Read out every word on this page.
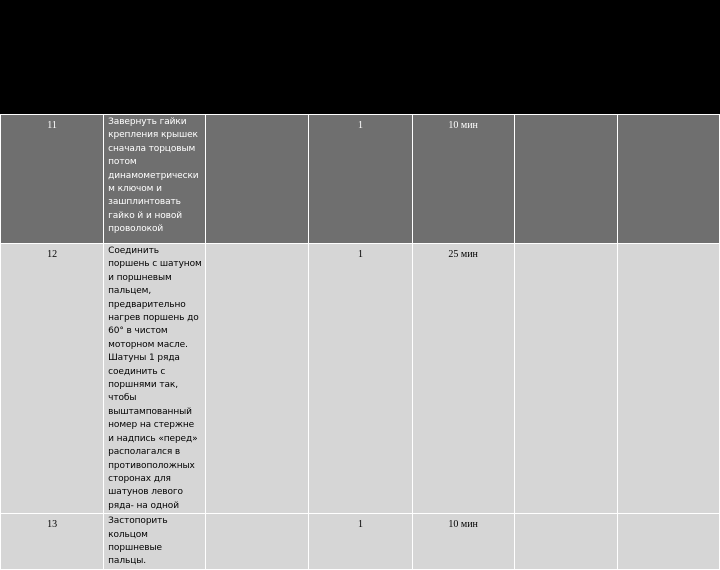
11	Завернуть гайки крепления крышек сначала торцовым потом динамометрически м ключом и зашплинтовать гайко й и новой проволокой		1	10 мин		

12	Соединить поршень с шатуном и поршневым пальцем, предварительно нагрев поршень до 60° в чистом моторном масле. Шатуны 1 ряда соединить с поршнями так, чтобы выштампованный номер на стержне и надпись «перед» располагался в противоположных сторонах для шатунов левого ряда- на одной		1	25 мин		

13	Застопорить кольцом поршневые пальцы.		1	10 мин		
